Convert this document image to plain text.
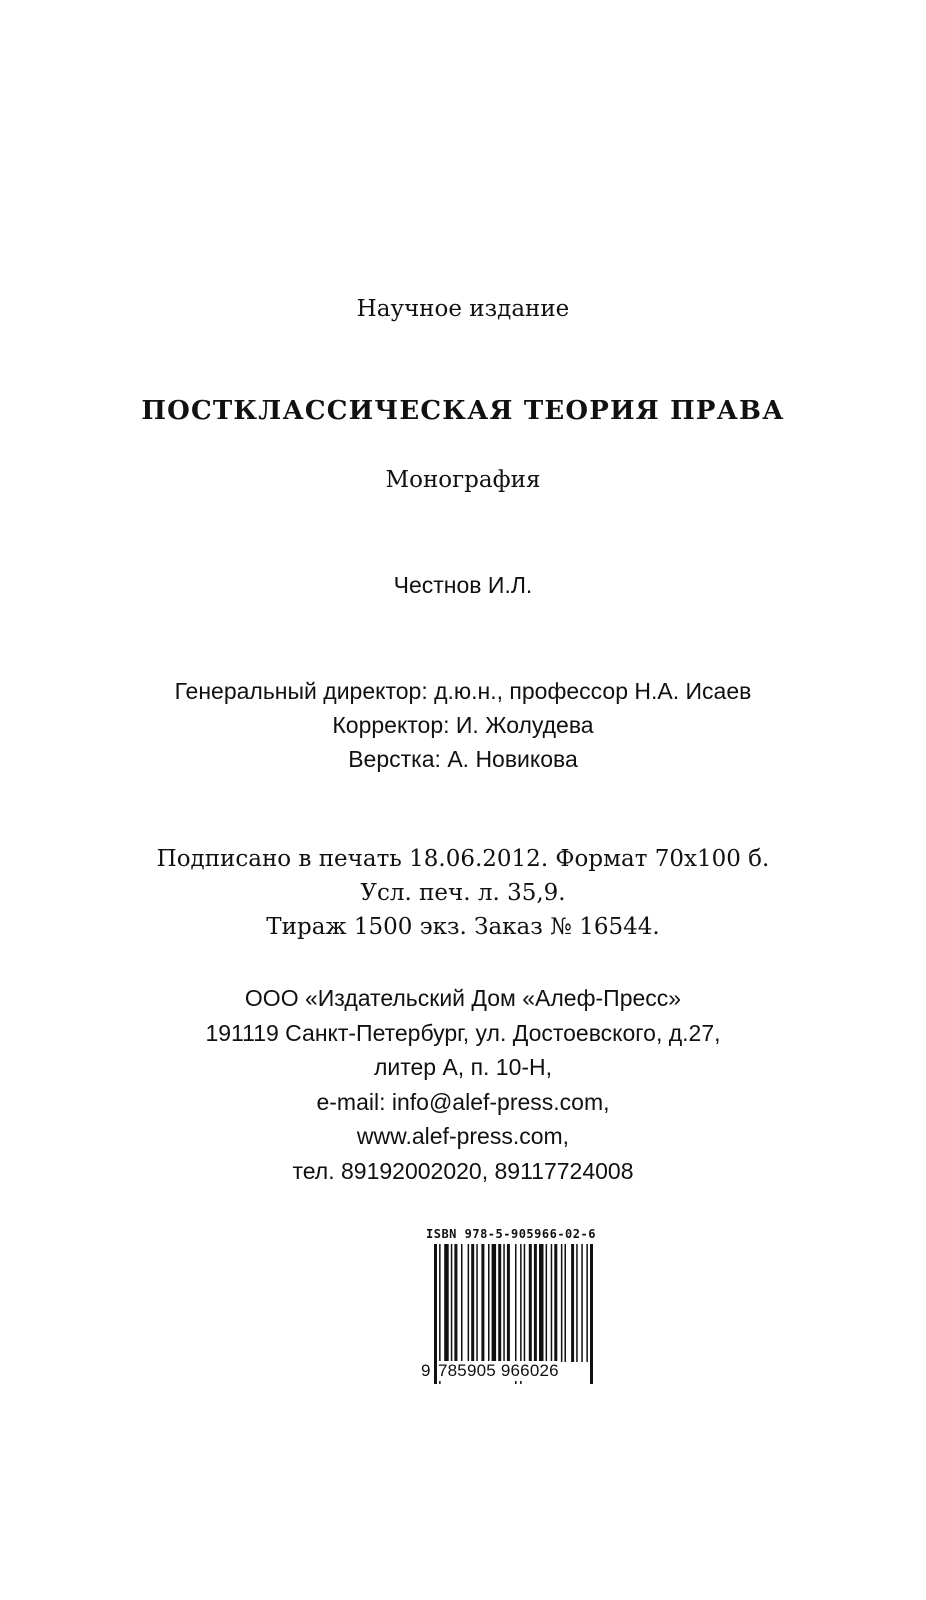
Научное издание
ПОСТКЛАССИЧЕСКАЯ ТЕОРИЯ ПРАВА
Монография
Честнов И.Л.
Генеральный директор: д.ю.н., профессор Н.А. Исаев
Корректор: И. Жолудева
Верстка: А. Новикова
Подписано в печать 18.06.2012. Формат 70x100 б.
Усл. печ. л. 35,9.
Тираж 1500 экз. Заказ № 16544.
ООО «Издательский Дом «Алеф-Пресс»
191119 Санкт-Петербург, ул. Достоевского, д.27,
литер А, п. 10-Н,
e-mail: info@alef-press.com,
www.alef-press.com,
тел. 89192002020, 89117724008
ISBN 978-5-905966-02-6
9 785905 966026
